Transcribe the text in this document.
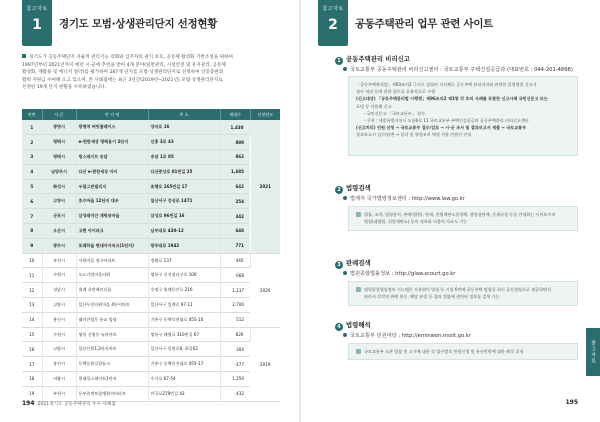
참고자료
1	경기도 모범·상생관리단지 선정현황
경기도가 공동주택단지 자율적 관리기능 강화와 입주자의 권익 보호, 공동체 활성화 기반조성을 위하여
1997년부터 2021년까지 매년 시·군에 추천을 받아 4개 분야(일반관리, 시설안전 및 유지관리, 공동체
활성화, 재활용 및 에너지 절약)를 평가하여 287개 단지를 모범·상생관리단지로 선정하여 인증증판과
활력 지원금 수여해 오고 있으며, 본 사례집에는 최근 3년간(2019년~2021년) 모범·상생관리단지로
선정된 19개 단지 현황을 수록하였습니다.
연번	시·군	단 지 명	주 소	세대수	선정연도
1	광명시	광명역 써밋플레이스	양지로 16	1,430	2021
2	평택시	e-편한세상 평택용이 2단지	신흥 3로 43	889	
3	평택시	링스데이트 송담	송담 1로 85	862	
4	남양주시	다산 e-편한세상 자이	다산중앙로 81번길 25	1,685	
5	화성시	우림그린빌리지	효행로 265번길 17	642	
6	고양시	호수마을 12단지 대우	일산서구 강선로 1471	254	
7	군포시	삼성래미안 재팅뷰마을	삼성로 96번길 16	342	
8	오산시	고현 아이파크	남부대로 430-12	648	
9	광주시	포레하울 현대아이파크(1단지)	광주대로 1942	771	
10	부천시	서원마을 정구아파트	정왕로 137	440	2020
11	수원시	오드가람마을타워	영통구 신지정타구로 100	668	
12	성남시	위례 호반베르디움	수정구 위례동안로 216	1,137	
13	고양시	일산무진타워마을 4단지마트	일산서구 일렌로 97-11	2,700	
14	용인시	래미안빌동 분교 빌딩	기흥구 동백죽전대로 455-10	512	
15	수원시	영통 신명동 뉴마카트	영통구 매영로 310번길 67	826	2019
16	고양시	일산신원1,2단지마트	일산서구 일현로8, 하길62	304	
17	용인시	동백동원로얄듀크	기흥구 동백죽전대로 455-17	477	
18	의왕시	현대힐스테이트1단지	수기로 67-54	1,250	
19	부천시	동부천센트럴병원의아파트	안곡로279번길 42	432	
194 2021경기도 공동주택관리 우수 사례집
참고자료
2	공동주택관리 업무 관련 사이트
1 공동주택관리 비리신고
국토교통부 공동주택관리 비리신고센터 : 국토교통부 주택건설공급과 (대표번호 : 044-201-4898)
「공동주택관리법」제93조의2 근거로 설립된 지자체로 공동주택 관리비리와 관련한 불법행위 신고가
접수 처리 등에 관한 업무를 효율적으로 수행
(신고대상) 「공동주택관리법 시행령」제96조의2 제1항 각 호의 사례를 포함한 신고사례 국민신문고 또는
포털 등 이용해 신고
- 국민신문고 「국토교통부」 접수
- 우편 : 세종특별자치시 도움6로 11 국토교통부 주택건설공급과 공동주택관리 비리신고센터
(신고처리) 민원 신청 → 국토교통부 접수/검토 → 시·군 조사 및 결과보고서 제출 → 국토교통부
결과보고서 검수/답변 → 결과 및 행정조치 예정 사항 민원인 안내
2 법령검색
법제처 국가법령정보센터 : http://www.law.go.kr
법률, 조약, 법령용어, 판례(법원), 현재, 헌법재판소결정례, 행정심판례, 중재규정 등을 안내하는 사이트이며
법령(대법원, 헌법재판소) 등의 정보와 더불어 자료도 가능
3 판례검색
법원종합법률정보 : http://glaw.scourt.go.kr
법원종합법률정보 시스템은 사용법이 법령 등 기업 6만에 공동주택 법령을 최신 공동법령으로 제공하면서
따라서 각각의 판례 원문, 해당 판결 등 결과 법률에 관련된 정보를 검색 가능
4 법령해석
국토교통부 민원마당 : http://eminwon.molit.go.kr
국토교통부 소관 법률 및 고시에 대한 각 업무별로 민원신청 및 유사민원에 대한 해석 공개	참고자료
195
